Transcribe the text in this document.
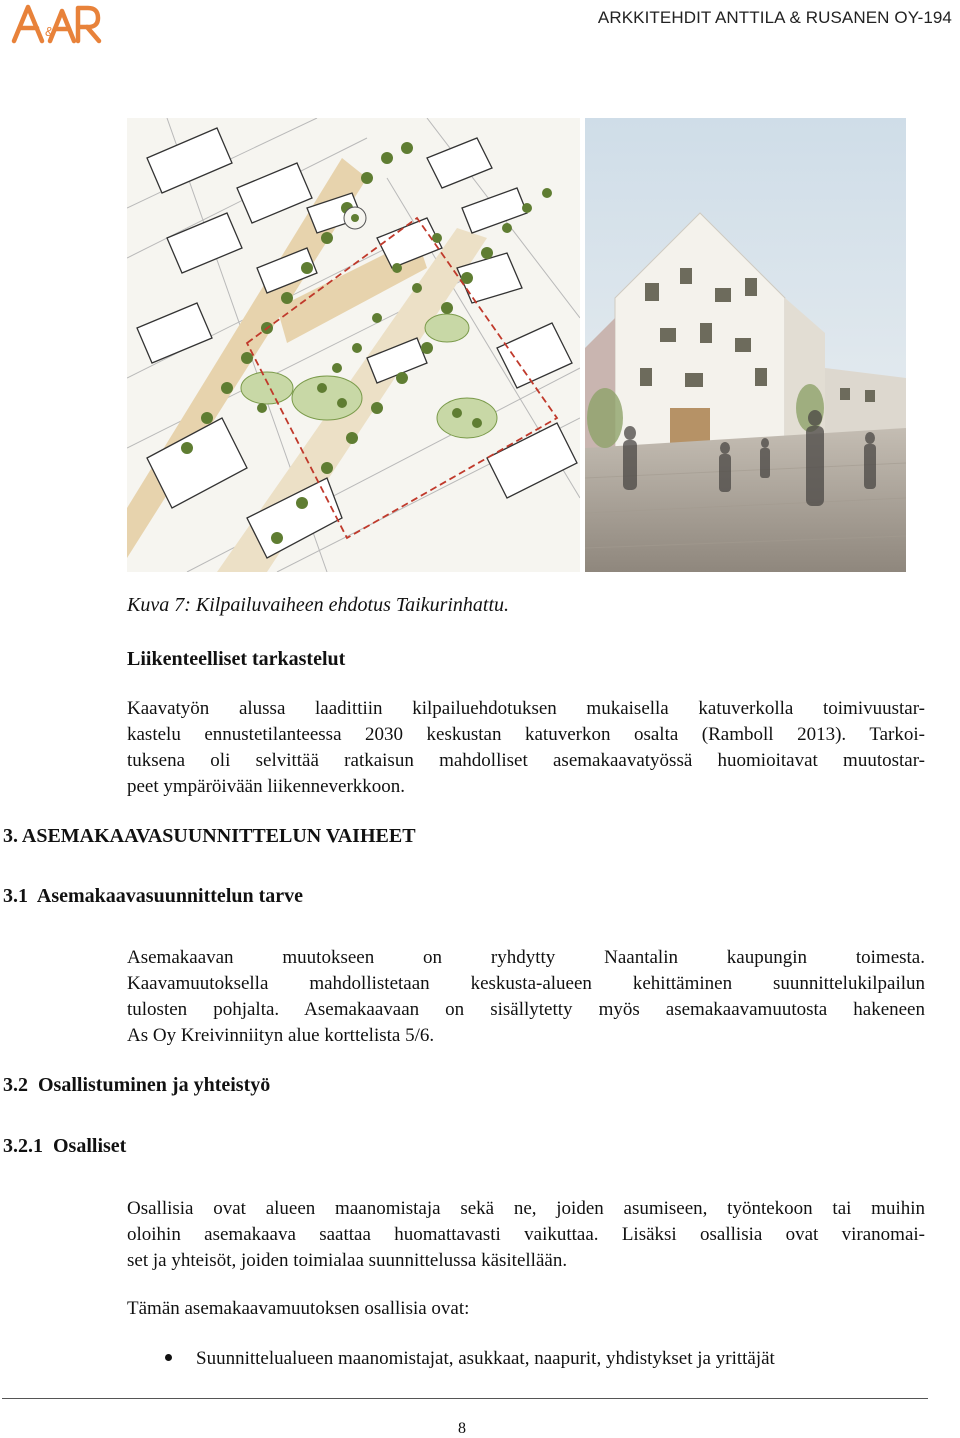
&
ARKKITEHDIT ANTTILA & RUSANEN OY-194
Kuva 7: Kilpailuvaiheen ehdotus Taikurinhattu.
Liikenteelliset tarkastelut
Kaavatyön alussa laadittiin kilpailuehdotuksen mukaisella katuverkolla toimivuustar-
kastelu ennustetilanteessa 2030 keskustan katuverkon osalta (Ramboll 2013). Tarkoi-
tuksena oli selvittää ratkaisun mahdolliset asemakaavatyössä huomioitavat muutostar-
peet ympäröivään liikenneverkkoon.
3. ASEMAKAAVASUUNNITTELUN VAIHEET
3.1  Asemakaavasuunnittelun tarve
Asemakaavan muutokseen on ryhdytty Naantalin kaupungin toimesta.
Kaavamuutoksella mahdollistetaan keskusta-alueen kehittäminen suunnittelukilpailun
tulosten pohjalta. Asemakaavaan on sisällytetty myös asemakaavamuutosta hakeneen
As Oy Kreivinniityn alue korttelista 5/6.
3.2  Osallistuminen ja yhteistyö
3.2.1  Osalliset
Osallisia ovat alueen maanomistaja sekä ne, joiden asumiseen, työntekoon tai muihin
oloihin asemakaava saattaa huomattavasti vaikuttaa. Lisäksi osallisia ovat viranomai-
set ja yhteisöt, joiden toimialaa suunnittelussa käsitellään.
Tämän asemakaavamuutoksen osallisia ovat:
Suunnittelualueen maanomistajat, asukkaat, naapurit, yhdistykset ja yrittäjät
8
